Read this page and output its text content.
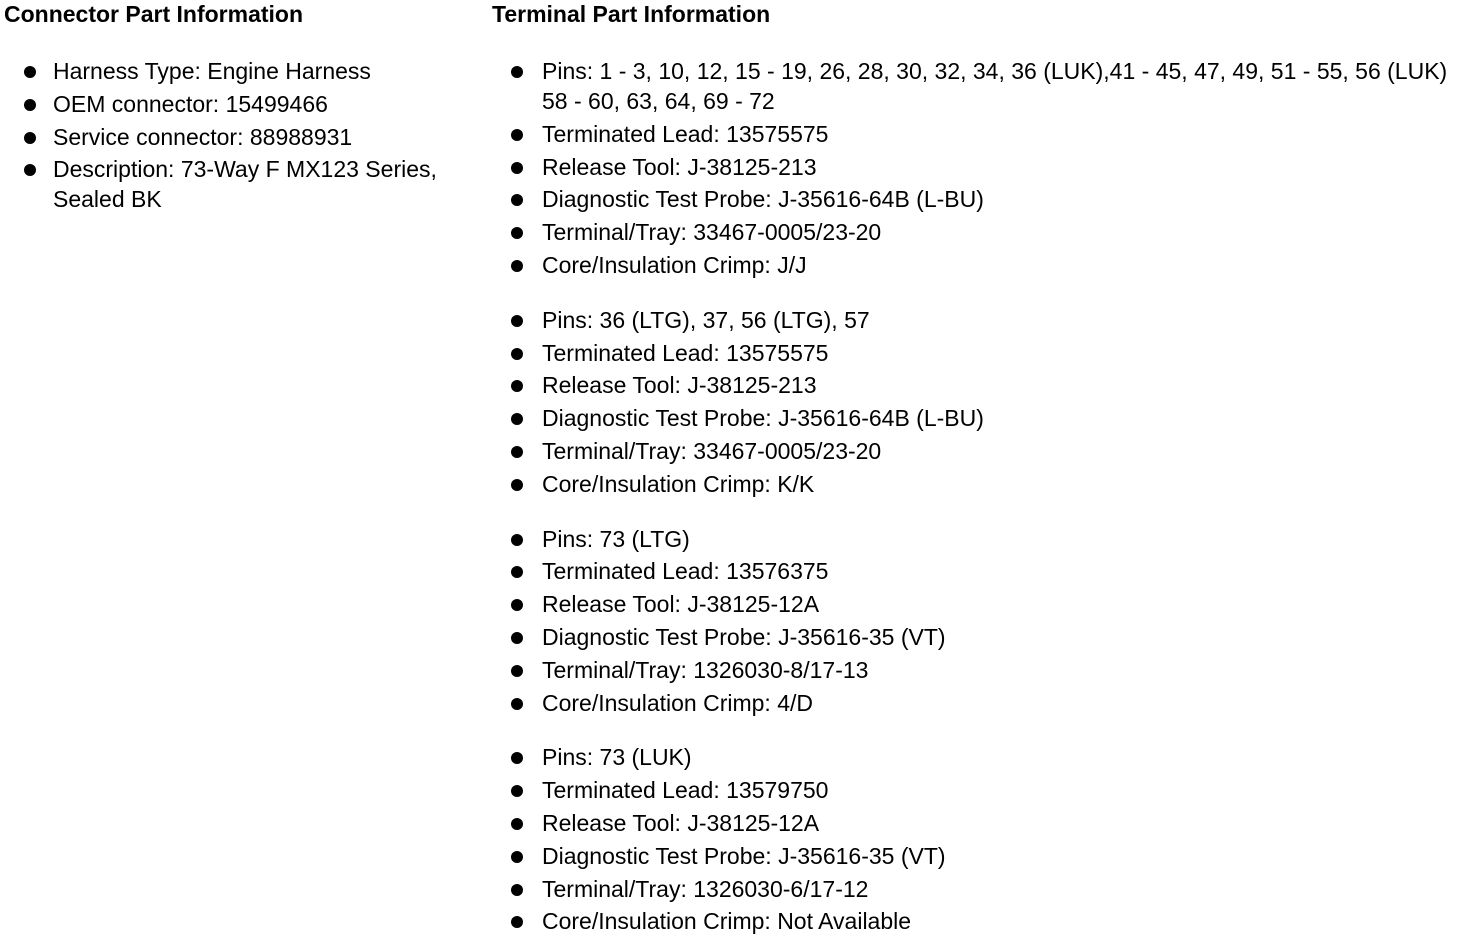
Connector Part Information
Harness Type: Engine Harness
OEM connector: 15499466
Service connector: 88988931
Description: 73-Way F MX123 Series, Sealed BK
Terminal Part Information
Pins: 1 - 3, 10, 12, 15 - 19, 26, 28, 30, 32, 34, 36 (LUK),41 - 45, 47, 49, 51 - 55, 56 (LUK) 58 - 60, 63, 64, 69 - 72
Terminated Lead: 13575575
Release Tool: J-38125-213
Diagnostic Test Probe: J-35616-64B (L-BU)
Terminal/Tray: 33467-0005/23-20
Core/Insulation Crimp: J/J
Pins: 36 (LTG), 37, 56 (LTG), 57
Terminated Lead: 13575575
Release Tool: J-38125-213
Diagnostic Test Probe: J-35616-64B (L-BU)
Terminal/Tray: 33467-0005/23-20
Core/Insulation Crimp: K/K
Pins: 73 (LTG)
Terminated Lead: 13576375
Release Tool: J-38125-12A
Diagnostic Test Probe: J-35616-35 (VT)
Terminal/Tray: 1326030-8/17-13
Core/Insulation Crimp: 4/D
Pins: 73 (LUK)
Terminated Lead: 13579750
Release Tool: J-38125-12A
Diagnostic Test Probe: J-35616-35 (VT)
Terminal/Tray: 1326030-6/17-12
Core/Insulation Crimp: Not Available
